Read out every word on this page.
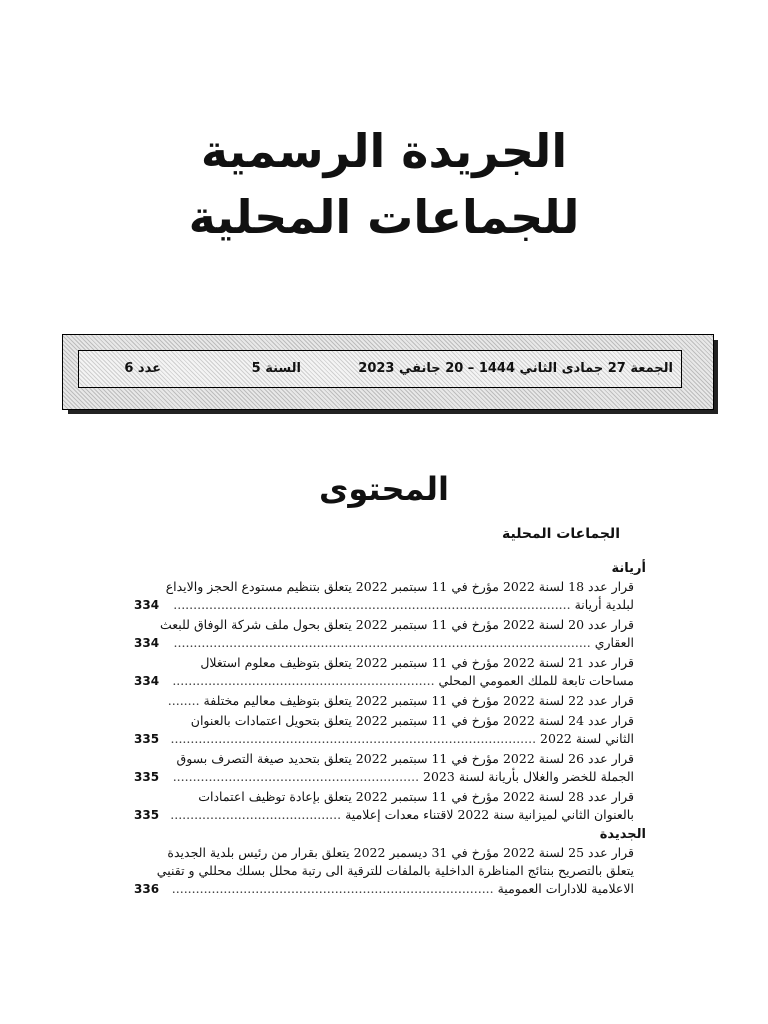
الجريدة الرسمية
للجماعات المحلية
الجمعة 27 جمادى الثاني 1444 – 20 جانفي 2023
السنة 5
عدد 6
المحتوى
الجماعات المحلية
أريانة
قرار عدد 18 لسنة 2022 مؤرخ في 11 سبتمبر 2022 يتعلق بتنظيم مستودع الحجز والايداع
لبلدية أريانة ....................................................................................................
334
قرار عدد 20 لسنة 2022 مؤرخ في 11 سبتمبر 2022 يتعلق بحول ملف شركة الوفاق للبعث
العقاري .........................................................................................................
334
قرار عدد 21 لسنة 2022 مؤرخ في 11 سبتمبر 2022 يتعلق بتوظيف معلوم استغلال
مساحات تابعة للملك العمومي المحلي ..................................................................
334
قرار عدد 22 لسنة 2022 مؤرخ في 11 سبتمبر 2022 يتعلق بتوظيف معاليم مختلفة ........
قرار عدد 24 لسنة 2022 مؤرخ في 11 سبتمبر 2022 يتعلق بتحويل اعتمادات بالعنوان
الثاني لسنة 2022 ............................................................................................
335
قرار عدد 26 لسنة 2022 مؤرخ في 11 سبتمبر 2022 يتعلق بتحديد صيغة التصرف بسوق
الجملة للخضر والغلال بأريانة لسنة 2023 ..............................................................
335
قرار عدد 28 لسنة 2022 مؤرخ في 11 سبتمبر 2022 يتعلق بإعادة توظيف اعتمادات
بالعنوان الثاني لميزانية سنة 2022 لاقتناء معدات إعلامية ...........................................
335
الجديدة
قرار عدد 25 لسنة 2022 مؤرخ في 31 ديسمبر 2022 يتعلق بقرار من رئيس بلدية الجديدة
يتعلق بالتصريح بنتائج المناظرة الداخلية بالملفات للترقية الى رتبة محلل بسلك محللي و تقنيي
الاعلامية للادارات العمومية .................................................................................
336
